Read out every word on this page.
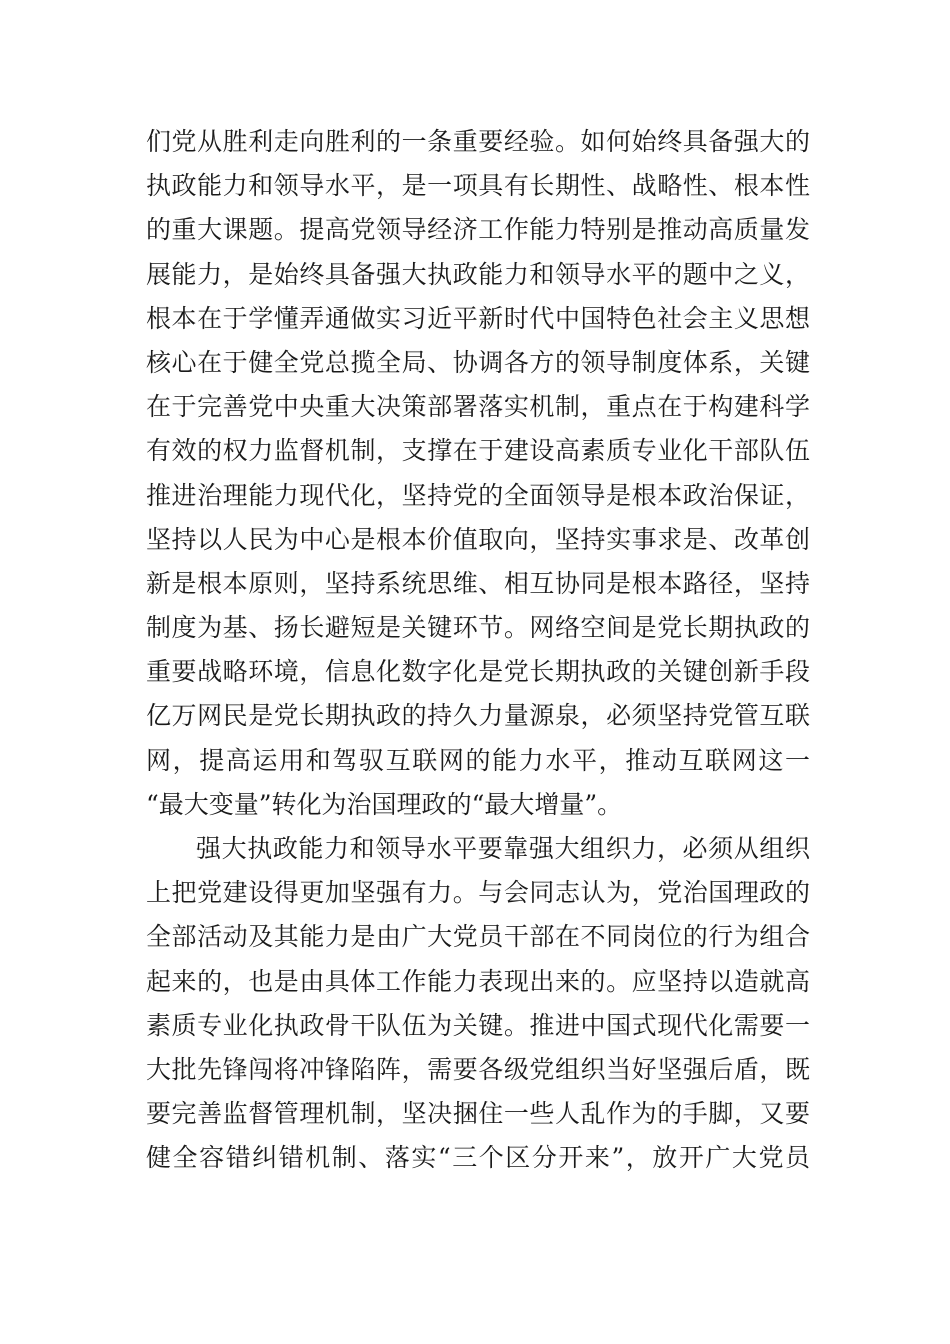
们党从胜利走向胜利的一条重要经验。如何始终具备强大的
执政能力和领导水平，是一项具有长期性、战略性、根本性
的重大课题。提高党领导经济工作能力特别是推动高质量发
展能力，是始终具备强大执政能力和领导水平的题中之义，
根本在于学懂弄通做实习近平新时代中国特色社会主义思想
核心在于健全党总揽全局、协调各方的领导制度体系，关键
在于完善党中央重大决策部署落实机制，重点在于构建科学
有效的权力监督机制，支撑在于建设高素质专业化干部队伍
推进治理能力现代化，坚持党的全面领导是根本政治保证，
坚持以人民为中心是根本价值取向，坚持实事求是、改革创
新是根本原则，坚持系统思维、相互协同是根本路径，坚持
制度为基、扬长避短是关键环节。网络空间是党长期执政的
重要战略环境，信息化数字化是党长期执政的关键创新手段
亿万网民是党长期执政的持久力量源泉，必须坚持党管互联
网，提高运用和驾驭互联网的能力水平，推动互联网这一
“最大变量”转化为治国理政的“最大增量”。
强大执政能力和领导水平要靠强大组织力，必须从组织
上把党建设得更加坚强有力。与会同志认为，党治国理政的
全部活动及其能力是由广大党员干部在不同岗位的行为组合
起来的，也是由具体工作能力表现出来的。应坚持以造就高
素质专业化执政骨干队伍为关键。推进中国式现代化需要一
大批先锋闯将冲锋陷阵，需要各级党组织当好坚强后盾，既
要完善监督管理机制，坚决捆住一些人乱作为的手脚，又要
健全容错纠错机制、落实“三个区分开来”，放开广大党员
